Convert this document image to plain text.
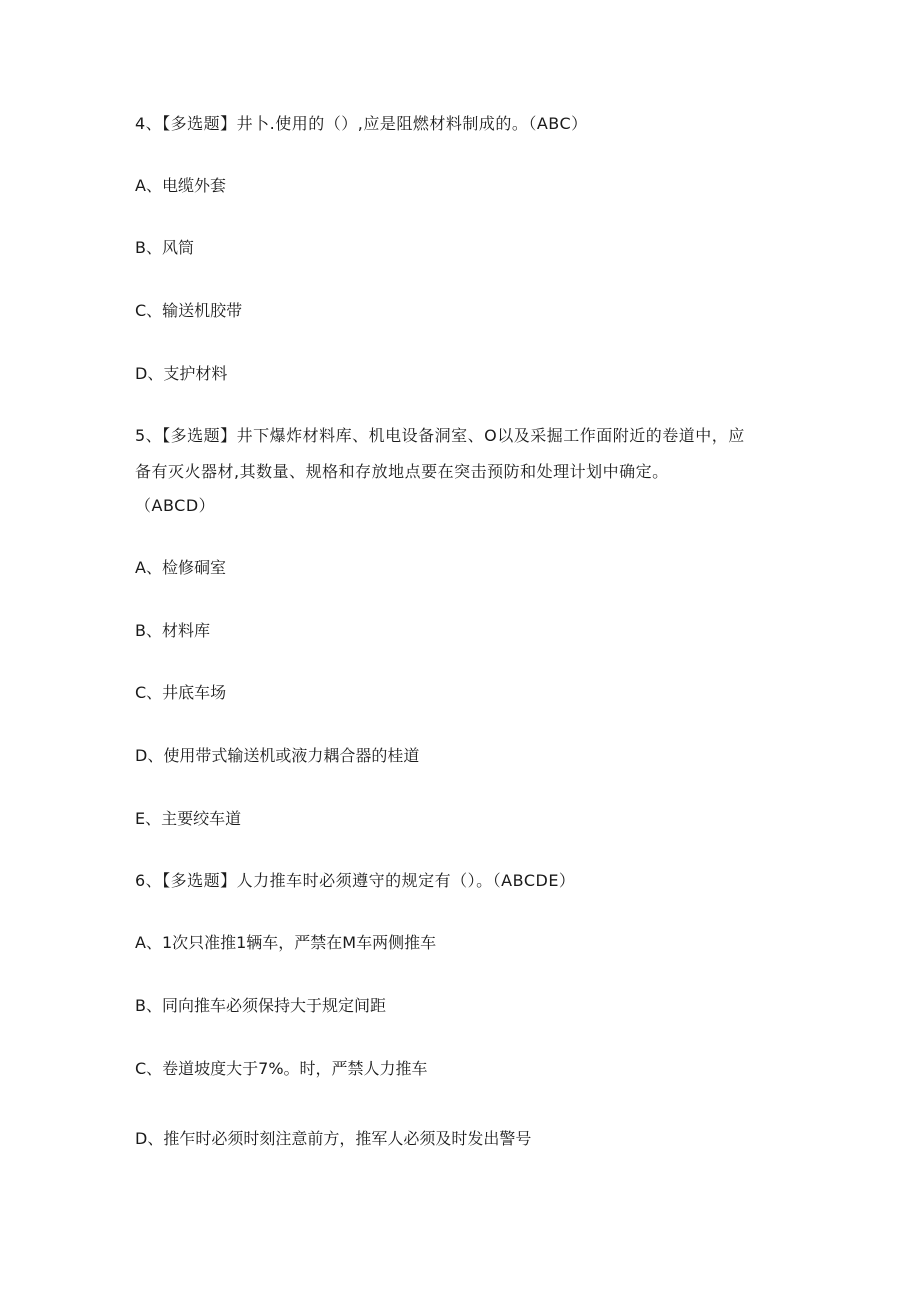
4、【多选题】井卜.使用的（）,应是阻燃材料制成的。（ABC）
A、电缆外套
B、风筒
C、输送机胶带
D、支护材料
5、【多选题】井下爆炸材料库、机电设备洞室、O以及采掘工作面附近的卷道中，应
备有灭火器材,其数量、规格和存放地点要在突击预防和处理计划中确定。
（ABCD）
A、检修硐室
B、材料库
C、井底车场
D、使用带式输送机或液力耦合器的桂道
E、主要绞车道
6、【多选题】人力推车时必须遵守的规定有（）。（ABCDE）
A、1次只准推1辆车，严禁在M车两侧推车
B、同向推车必须保持大于规定间距
C、卷道坡度大于7%。时，严禁人力推车
D、推乍时必须时刻注意前方，推军人必须及时发出警号
